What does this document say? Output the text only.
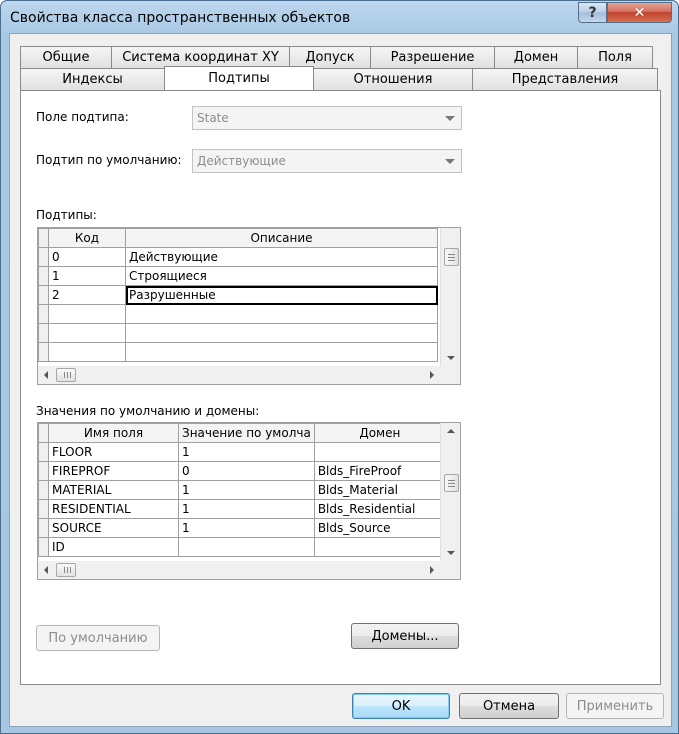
Свойства класса пространственных объектов	?	✕
Общие	Система координат XY	Допуск	Разрешение	Домен	Поля
Индексы	Подтипы	Отношения	Представления
Поле подтипа:	State
Подтип по умолчанию:	Действующие
Подтипы:
	Код	Описание
	0	Действующие
	1	Строящиеся
	2	Разрушенные

Значения по умолчанию и домены:
	Имя поля	Значение по умолча	Домен
	FLOOR	1	
	FIREPROF	0	Blds_FireProof
	MATERIAL	1	Blds_Material
	RESIDENTIAL	1	Blds_Residential
	SOURCE	1	Blds_Source
	ID		
По умолчанию	Домены...
OK	Отмена	Применить
